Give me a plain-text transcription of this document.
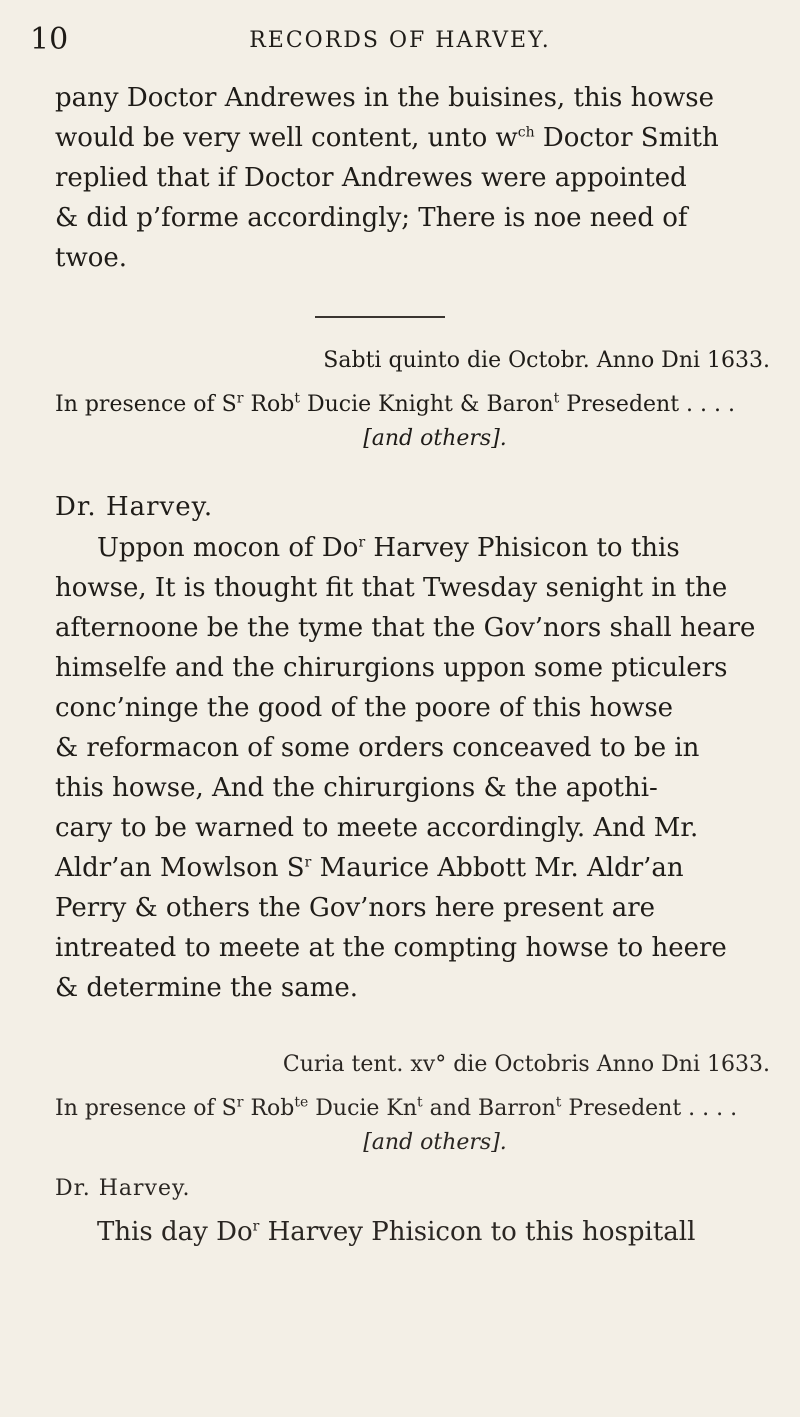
10	RECORDS OF HARVEY.
pany Doctor Andrewes in the buisines, this howse
would be very well content, unto $w^{ch}$ Doctor Smith
replied that if Doctor Andrewes were appointed
& did p’forme accordingly; There is noe need of
twoe.
Sabti quinto die Octobr. Anno Dni 1633.
In presence of $S^r$ Rob$^t$ Ducie Knight & Baron$^t$ Presedent . . . .
[and others].
Dr. Harvey.
Uppon mocon of Do$^r$ Harvey Phisicon to this
howse, It is thought fit that Twesday senight in the
afternoone be the tyme that the Gov’nors shall heare
himselfe and the chirurgions uppon some pticulers
conc’ninge the good of the poore of this howse
& reformacon of some orders conceaved to be in
this howse, And the chirurgions & the apothi-
cary to be warned to meete accordingly. And Mr.
Aldr’an Mowlson $S^r$ Maurice Abbott Mr. Aldr’an
Perry & others the Gov’nors here present are
intreated to meete at the compting howse to heere
& determine the same.
Curia tent. xv° die Octobris Anno Dni 1633.
In presence of $S^r$ Rob$^{te}$ Ducie Kn$^t$ and Barron$^t$ Presedent . . . .
[and others].
Dr. Harvey.
This day Do$^r$ Harvey Phisicon to this hospitall
